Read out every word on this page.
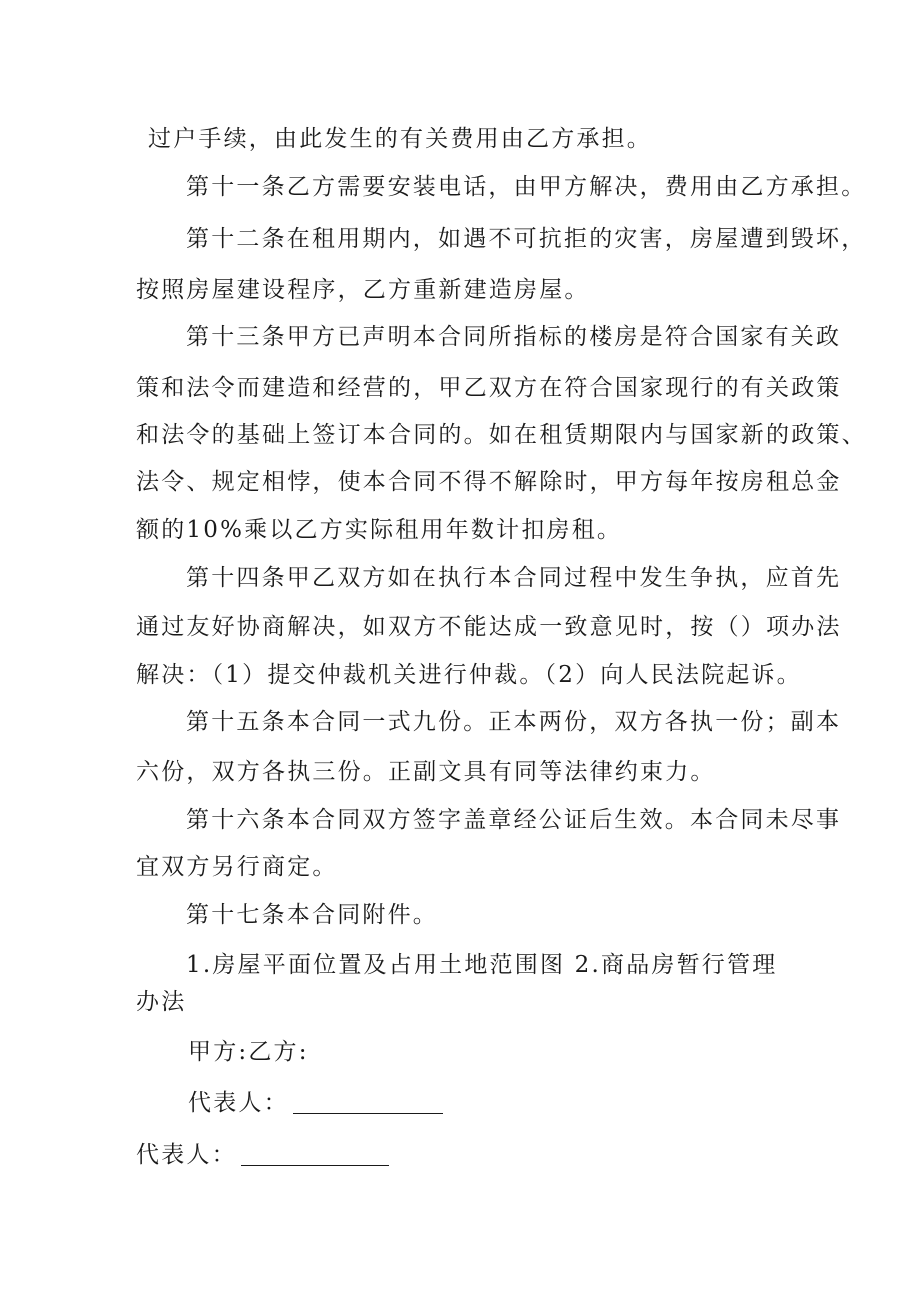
过户手续，由此发生的有关费用由乙方承担。
第十一条乙方需要安装电话，由甲方解决，费用由乙方承担。
第十二条在租用期内，如遇不可抗拒的灾害，房屋遭到毁坏，
按照房屋建设程序，乙方重新建造房屋。
第十三条甲方已声明本合同所指标的楼房是符合国家有关政
策和法令而建造和经营的，甲乙双方在符合国家现行的有关政策
和法令的基础上签订本合同的。如在租赁期限内与国家新的政策、
法令、规定相悖，使本合同不得不解除时，甲方每年按房租总金
额的10%乘以乙方实际租用年数计扣房租。
第十四条甲乙双方如在执行本合同过程中发生争执，应首先
通过友好协商解决，如双方不能达成一致意见时，按（）项办法
解决：（1）提交仲裁机关进行仲裁。（2）向人民法院起诉。
第十五条本合同一式九份。正本两份，双方各执一份；副本
六份，双方各执三份。正副文具有同等法律约束力。
第十六条本合同双方签字盖章经公证后生效。本合同未尽事
宜双方另行商定。
第十七条本合同附件。
1.房屋平面位置及占用土地范围图 2.商品房暂行管理
办法
甲方:乙方:
代表人：
代表人：
